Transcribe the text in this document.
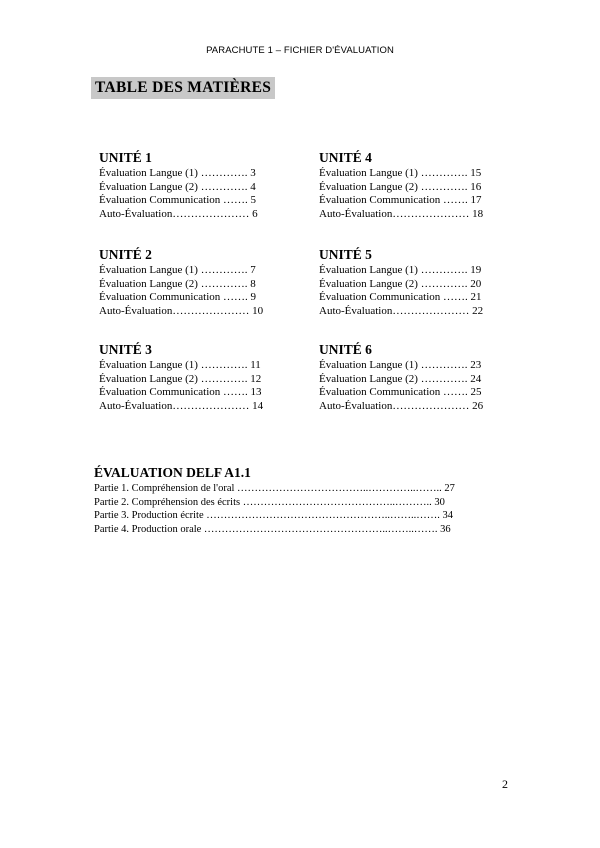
PARACHUTE 1 – FICHIER D'ÉVALUATION
TABLE DES MATIÈRES
UNITÉ 1
Évaluation Langue (1) …………. 3
Évaluation Langue (2) …………. 4
Évaluation Communication ……. 5
Auto-Évaluation………………… 6
UNITÉ 2
Évaluation Langue (1) …………. 7
Évaluation Langue (2) …………. 8
Évaluation Communication ……. 9
Auto-Évaluation………………… 10
UNITÉ 3
Évaluation Langue (1) …………. 11
Évaluation Langue (2) …………. 12
Évaluation Communication ……. 13
Auto-Évaluation………………… 14
UNITÉ 4
Évaluation Langue (1) …………. 15
Évaluation Langue (2) …………. 16
Évaluation Communication ……. 17
Auto-Évaluation………………… 18
UNITÉ 5
Évaluation Langue (1) …………. 19
Évaluation Langue (2) …………. 20
Évaluation Communication ……. 21
Auto-Évaluation………………… 22
UNITÉ 6
Évaluation Langue (1) …………. 23
Évaluation Langue (2) …………. 24
Évaluation Communication ……. 25
Auto-Évaluation………………… 26
ÉVALUATION DELF A1.1
Partie 1. Compréhension de l'oral ………………………………..…………..…….. 27
Partie 2. Compréhension des écrits ……………………………………..……….. 30
Partie 3. Production écrite ……………………………………………..……..……. 34
Partie 4. Production orale ……………………………………………..……..……. 36
2
